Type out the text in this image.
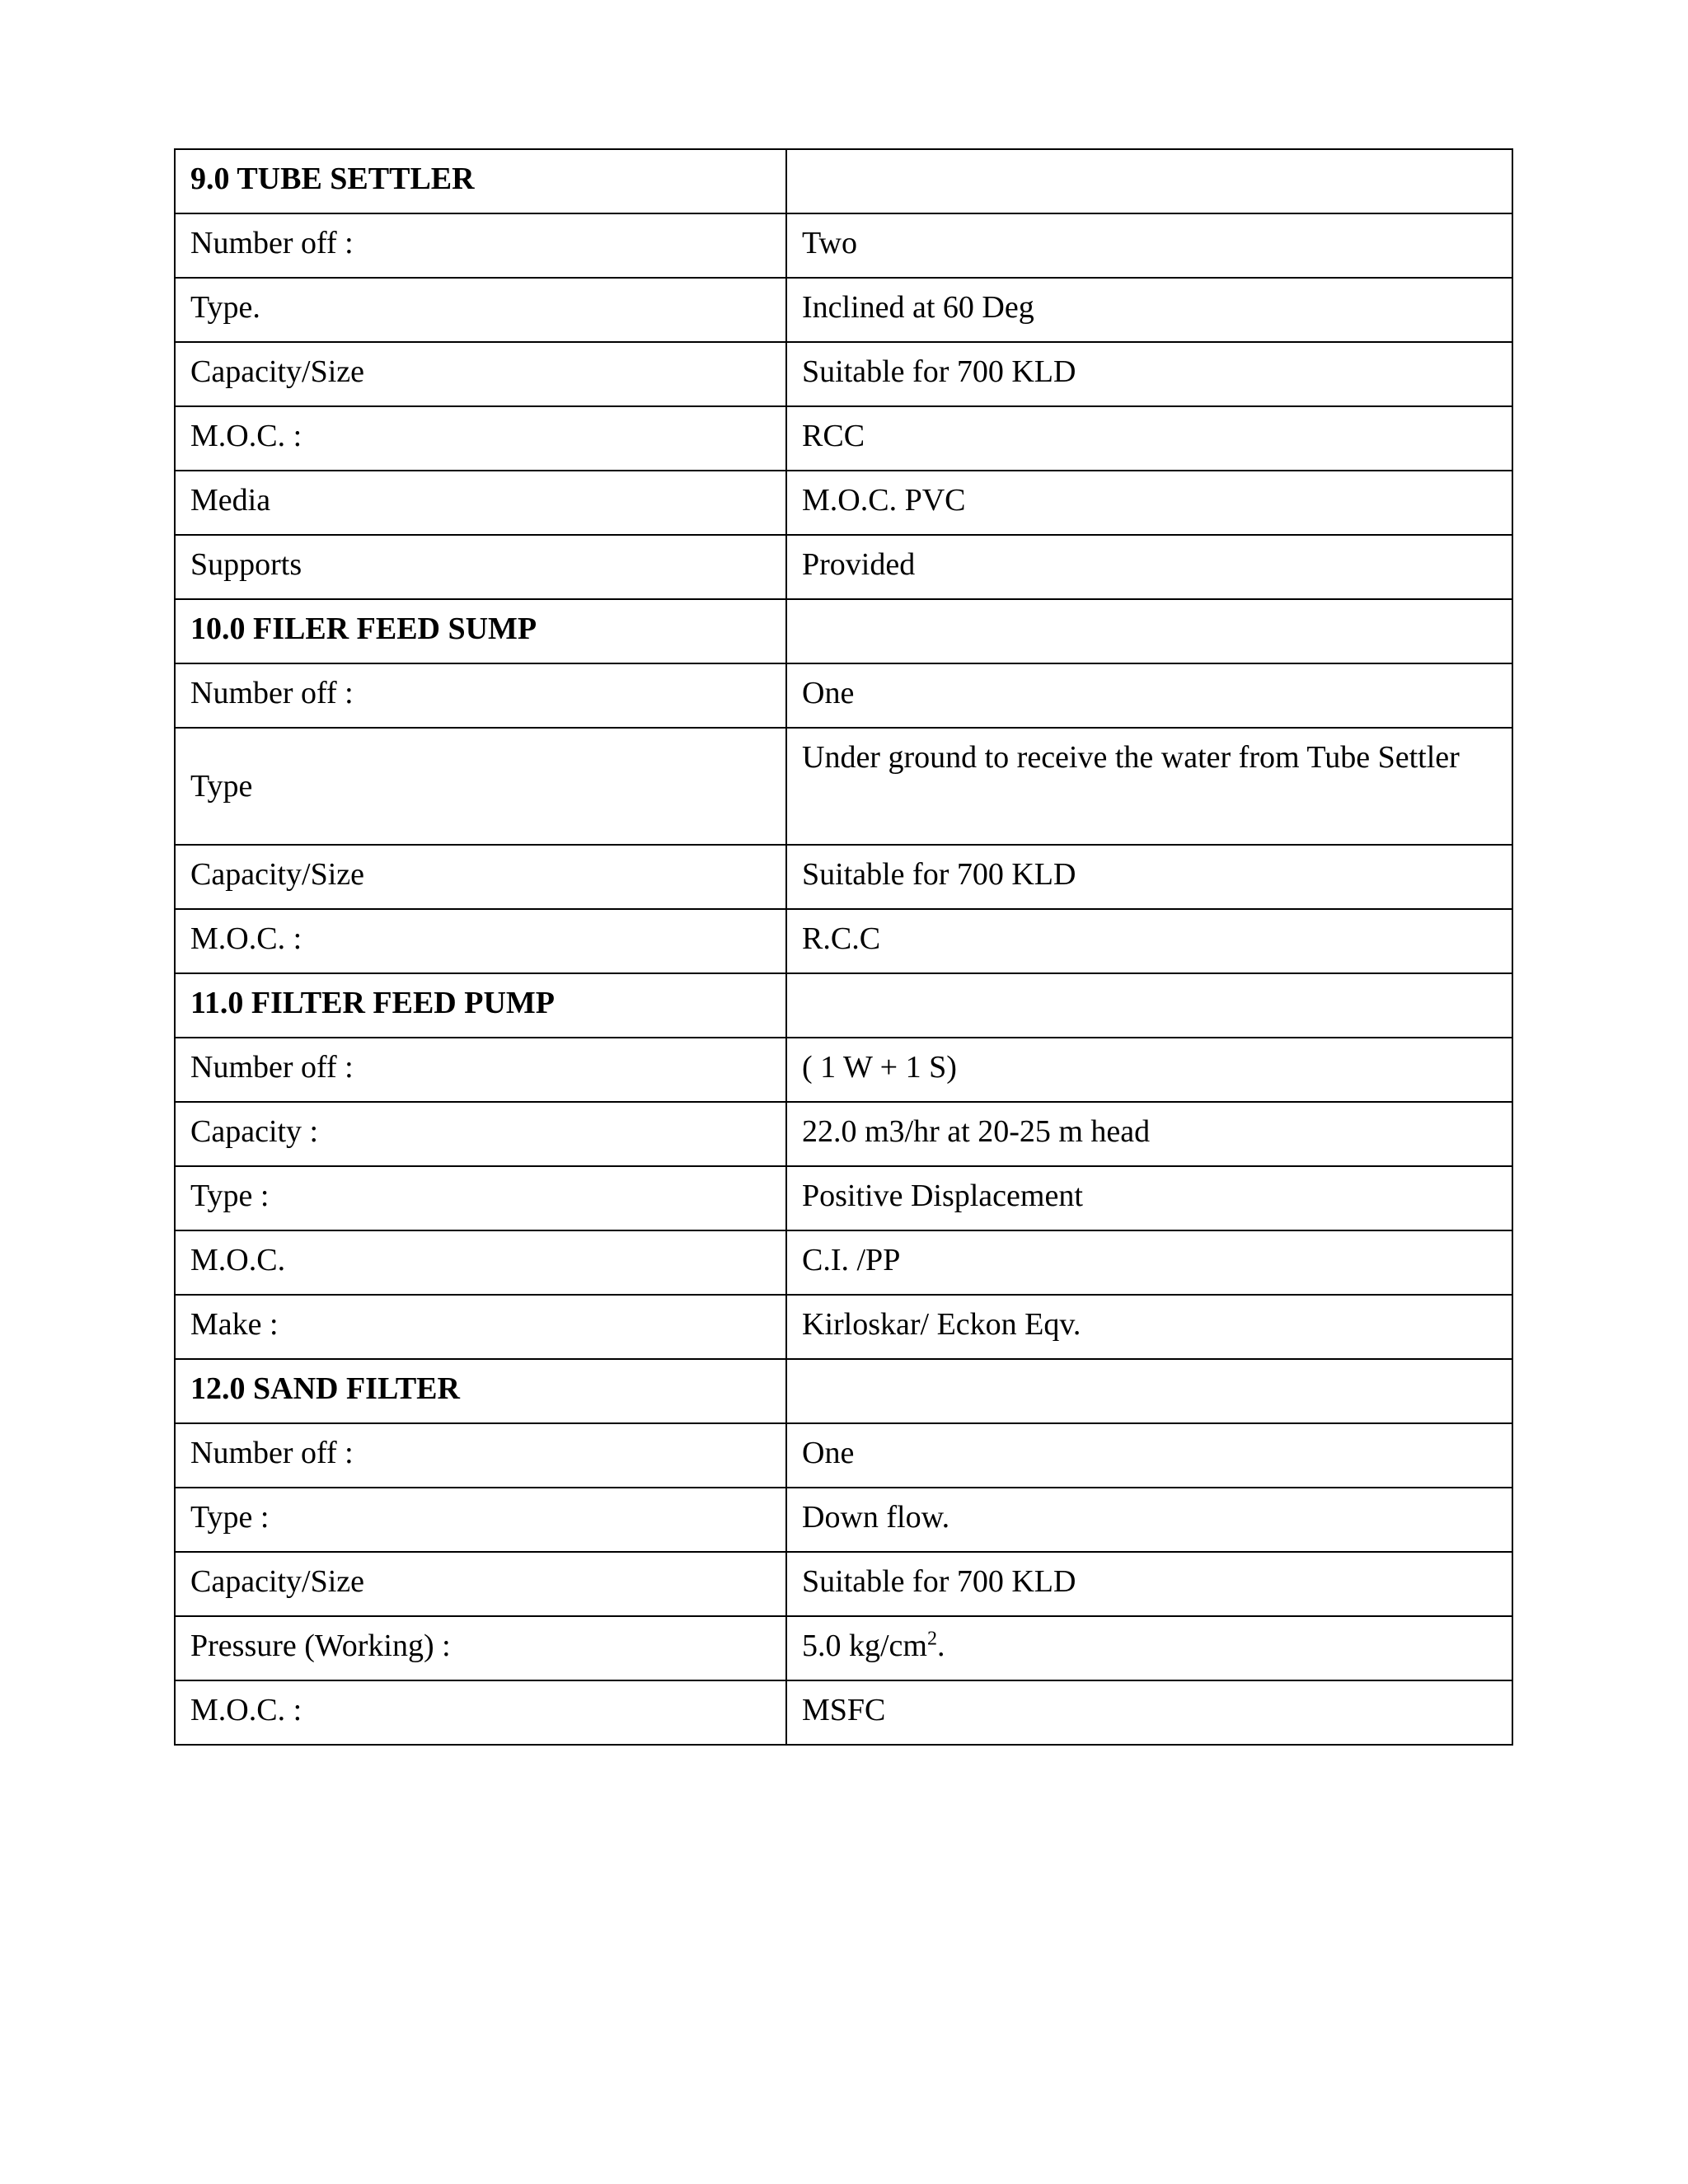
9.0 TUBE SETTLER	
Number off :	Two
Type.	Inclined at 60 Deg
Capacity/Size	Suitable for 700 KLD
M.O.C. :	RCC
Media	M.O.C. PVC
Supports	Provided
10.0 FILER FEED SUMP	
Number off :	One
Type	Under ground to receive the water from Tube Settler
Capacity/Size	Suitable for 700 KLD
M.O.C. :	R.C.C
11.0 FILTER FEED PUMP	
Number off :	( 1 W + 1 S)
Capacity :	22.0 m3/hr at 20-25 m head
Type :	Positive Displacement
M.O.C.	C.I. /PP
Make :	Kirloskar/ Eckon Eqv.
12.0 SAND FILTER	
Number off :	One
Type :	Down flow.
Capacity/Size	Suitable for 700 KLD
Pressure (Working) :	5.0 $kg/cm^2$.
M.O.C. :	MSFC
